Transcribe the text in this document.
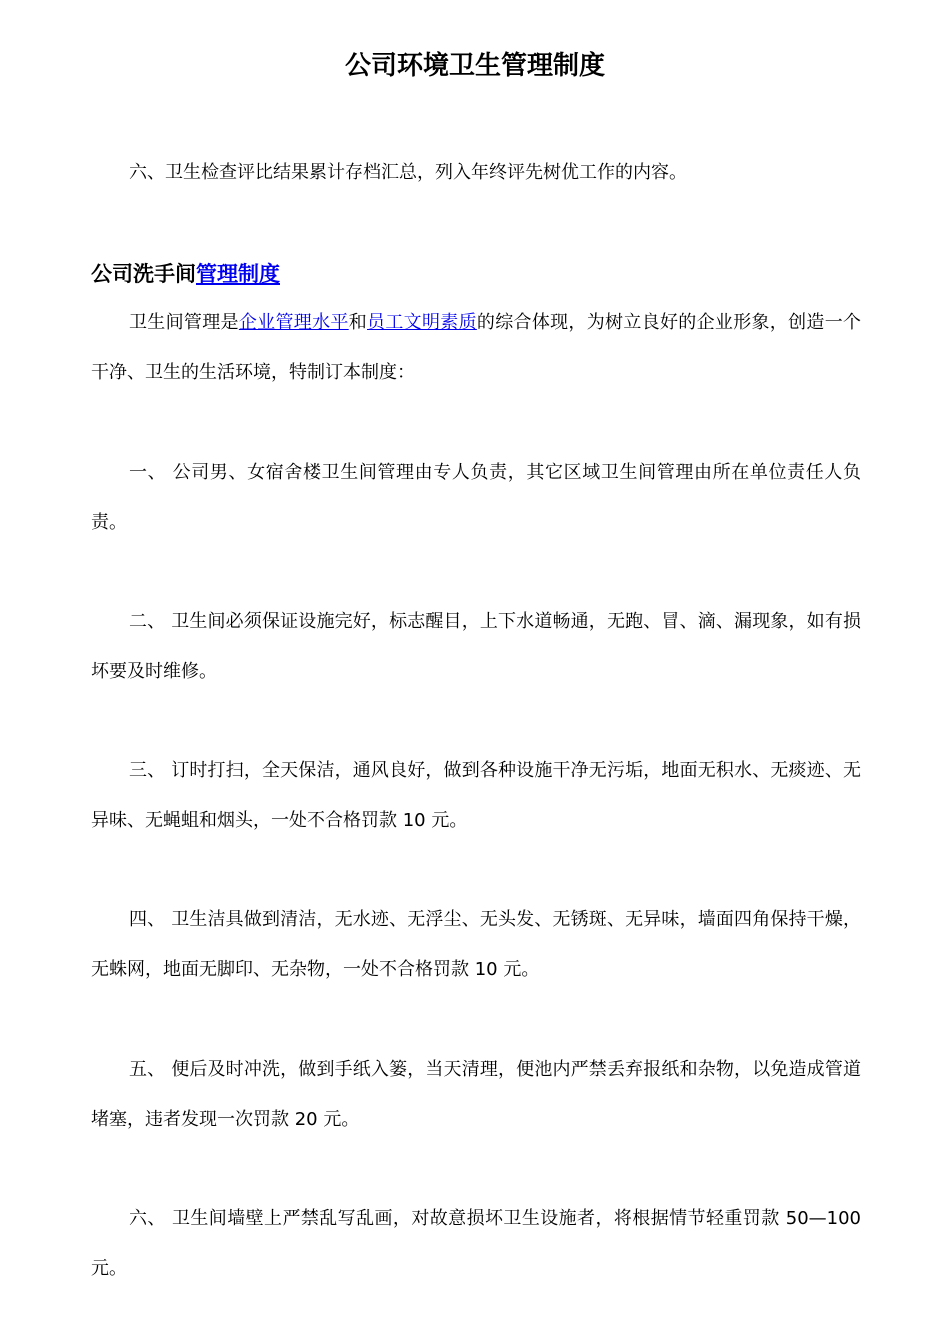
公司环境卫生管理制度
六、卫生检查评比结果累计存档汇总，列入年终评先树优工作的内容。
公司洗手间管理制度
卫生间管理是企业管理水平和员工文明素质的综合体现，为树立良好的企业形象，创造一个干净、卫生的生活环境，特制订本制度：
一、 公司男、女宿舍楼卫生间管理由专人负责，其它区域卫生间管理由所在单位责任人负责。
二、 卫生间必须保证设施完好，标志醒目，上下水道畅通，无跑、冒、滴、漏现象，如有损坏要及时维修。
三、 订时打扫，全天保洁，通风良好，做到各种设施干净无污垢，地面无积水、无痰迹、无异味、无蝇蛆和烟头，一处不合格罚款 10 元。
四、 卫生洁具做到清洁，无水迹、无浮尘、无头发、无锈斑、无异味，墙面四角保持干燥，无蛛网，地面无脚印、无杂物，一处不合格罚款 10 元。
五、 便后及时冲洗，做到手纸入篓，当天清理，便池内严禁丢弃报纸和杂物，以免造成管道堵塞，违者发现一次罚款 20 元。
六、 卫生间墙壁上严禁乱写乱画，对故意损坏卫生设施者，将根据情节轻重罚款 50—100 元。
